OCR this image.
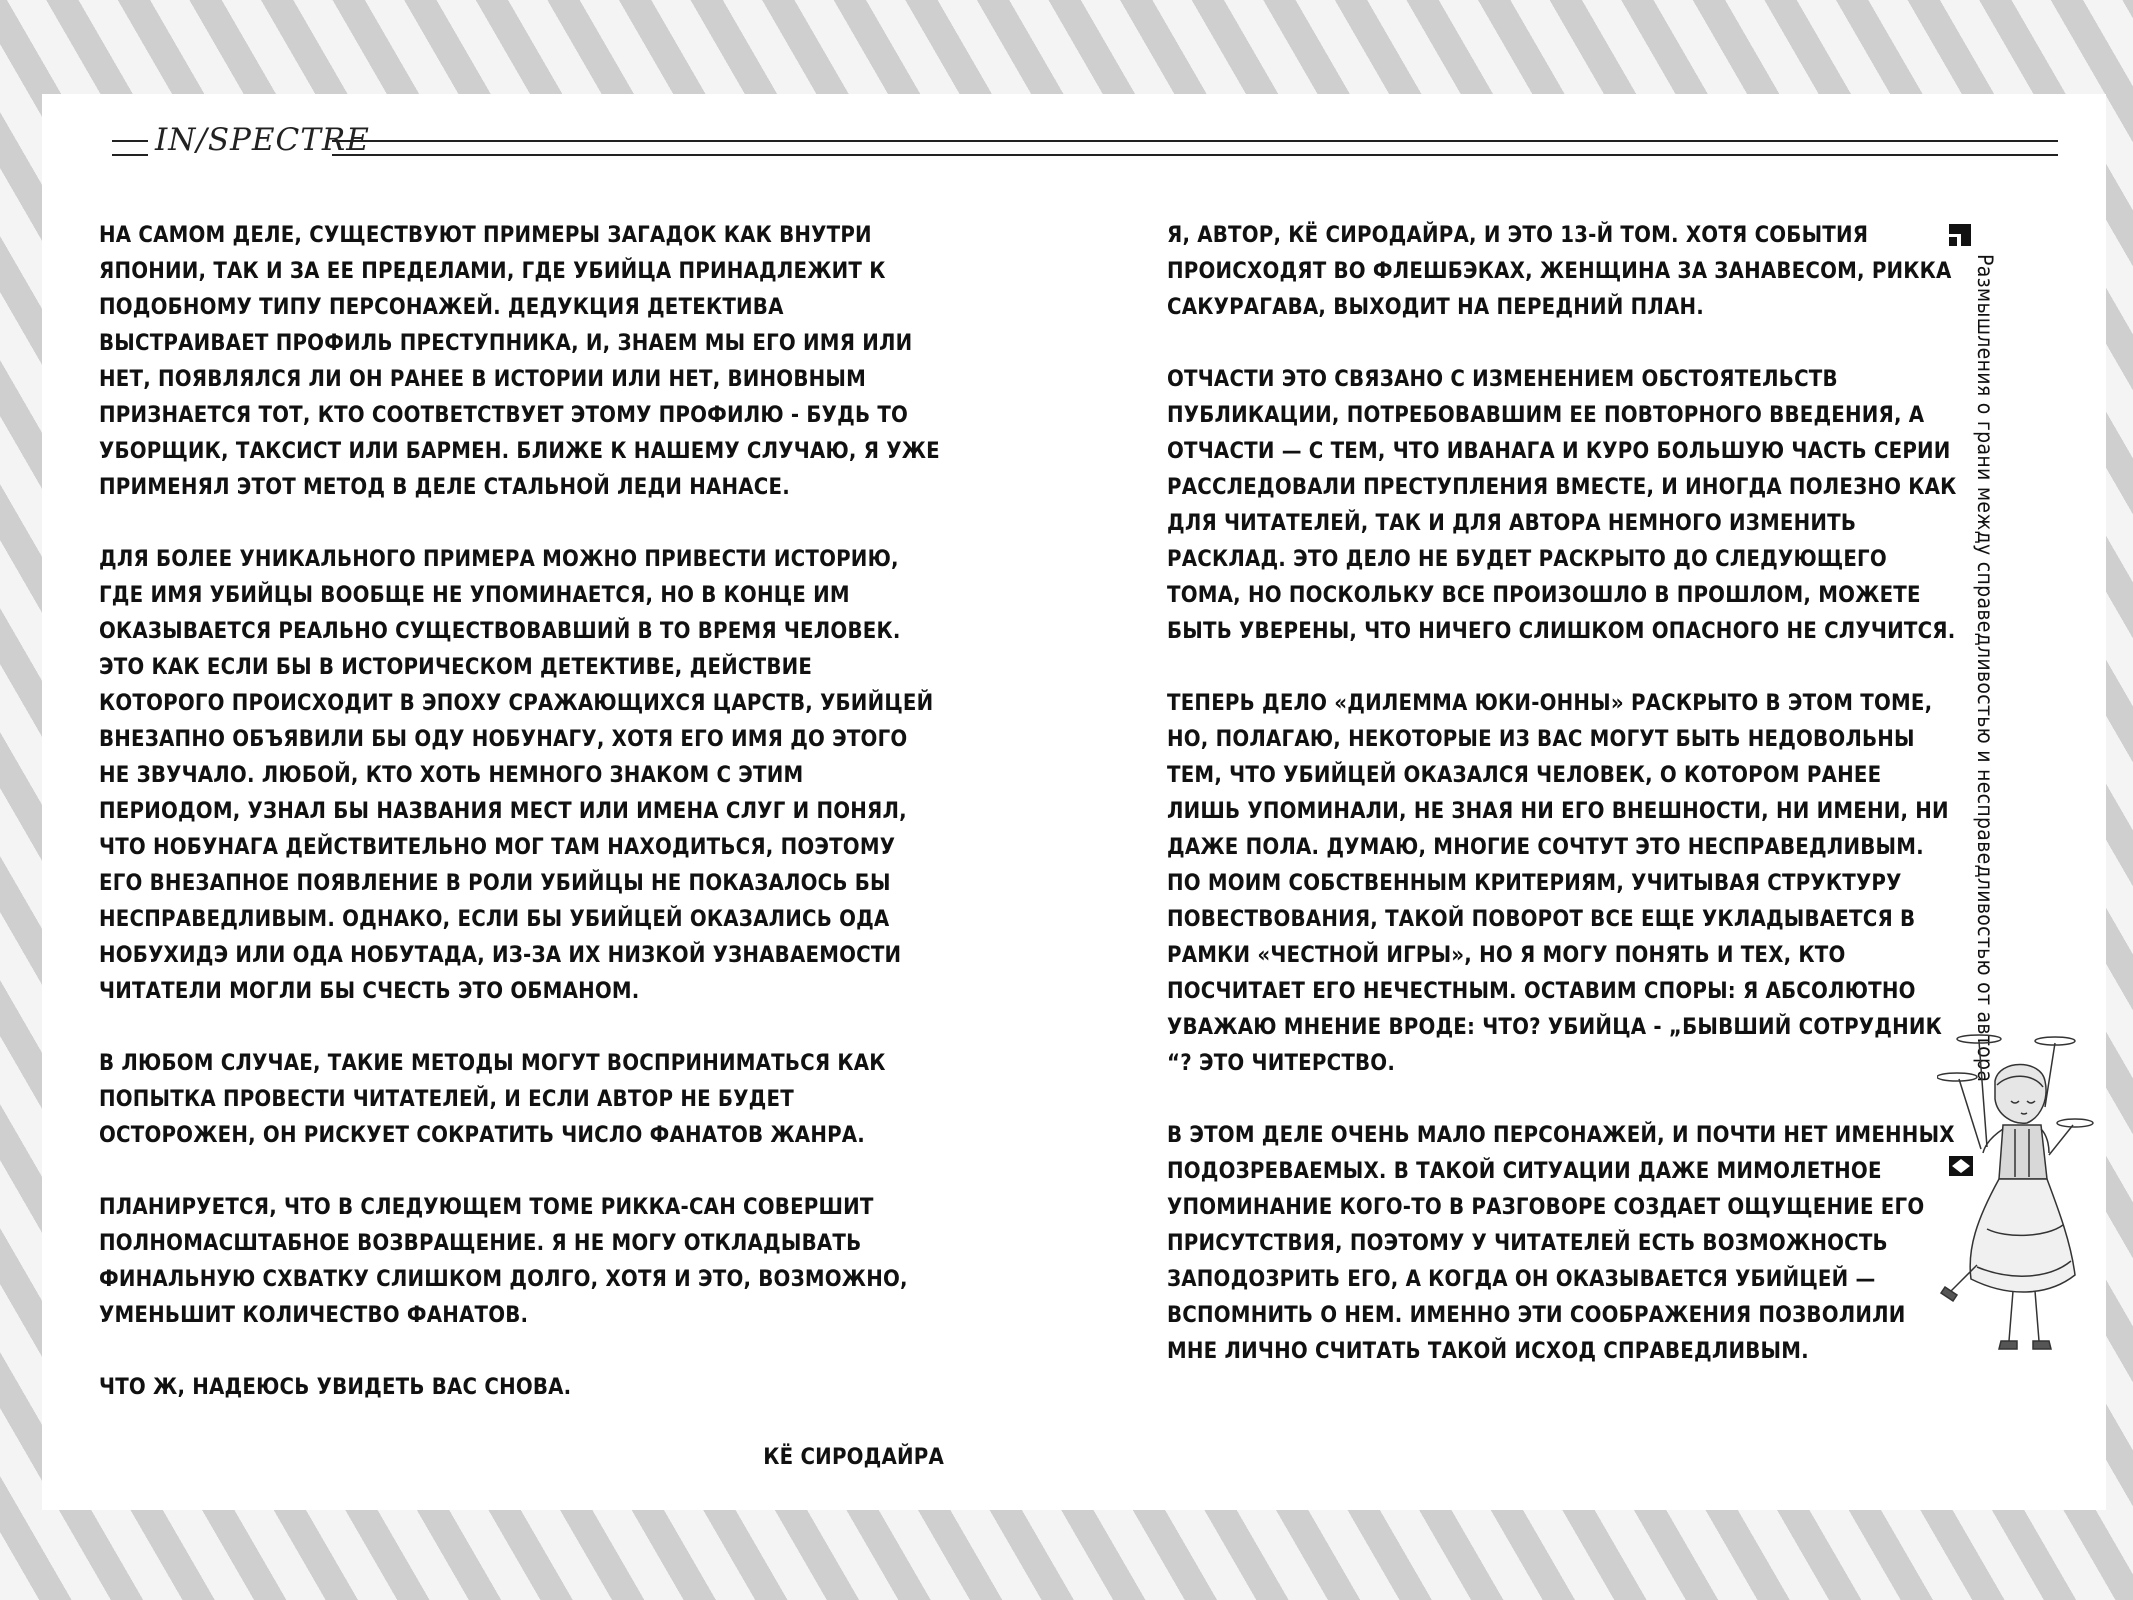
IN/SPECTRE

НА САМОМ ДЕЛЕ, СУЩЕСТВУЮТ ПРИМЕРЫ ЗАГАДОК КАК ВНУТРИ ЯПОНИИ, ТАК И ЗА ЕЕ ПРЕДЕЛАМИ, ГДЕ УБИЙЦА ПРИНАДЛЕЖИТ К ПОДОБНОМУ ТИПУ ПЕРСОНАЖЕЙ. ДЕДУКЦИЯ ДЕТЕКТИВА ВЫСТРАИВАЕТ ПРОФИЛЬ ПРЕСТУПНИКА, И, ЗНАЕМ МЫ ЕГО ИМЯ ИЛИ НЕТ, ПОЯВЛЯЛСЯ ЛИ ОН РАНЕЕ В ИСТОРИИ ИЛИ НЕТ, ВИНОВНЫМ ПРИЗНАЕТСЯ ТОТ, КТО СООТВЕТСТВУЕТ ЭТОМУ ПРОФИЛЮ - БУДЬ ТО УБОРЩИК, ТАКСИСТ ИЛИ БАРМЕН. БЛИЖЕ К НАШЕМУ СЛУЧАЮ, Я УЖЕ ПРИМЕНЯЛ ЭТОТ МЕТОД В ДЕЛЕ СТАЛЬНОЙ ЛЕДИ НАНАСЕ.

ДЛЯ БОЛЕЕ УНИКАЛЬНОГО ПРИМЕРА МОЖНО ПРИВЕСТИ ИСТОРИЮ, ГДЕ ИМЯ УБИЙЦЫ ВООБЩЕ НЕ УПОМИНАЕТСЯ, НО В КОНЦЕ ИМ ОКАЗЫВАЕТСЯ РЕАЛЬНО СУЩЕСТВОВАВШИЙ В ТО ВРЕМЯ ЧЕЛОВЕК. ЭТО КАК ЕСЛИ БЫ В ИСТОРИЧЕСКОМ ДЕТЕКТИВЕ, ДЕЙСТВИЕ КОТОРОГО ПРОИСХОДИТ В ЭПОХУ СРАЖАЮЩИХСЯ ЦАРСТВ, УБИЙЦЕЙ ВНЕЗАПНО ОБЪЯВИЛИ БЫ ОДУ НОБУНАГУ, ХОТЯ ЕГО ИМЯ ДО ЭТОГО НЕ ЗВУЧАЛО. ЛЮБОЙ, КТО ХОТЬ НЕМНОГО ЗНАКОМ С ЭТИМ ПЕРИОДОМ, УЗНАЛ БЫ НАЗВАНИЯ МЕСТ ИЛИ ИМЕНА СЛУГ И ПОНЯЛ, ЧТО НОБУНАГА ДЕЙСТВИТЕЛЬНО МОГ ТАМ НАХОДИТЬСЯ, ПОЭТОМУ ЕГО ВНЕЗАПНОЕ ПОЯВЛЕНИЕ В РОЛИ УБИЙЦЫ НЕ ПОКАЗАЛОСЬ БЫ НЕСПРАВЕДЛИВЫМ. ОДНАКО, ЕСЛИ БЫ УБИЙЦЕЙ ОКАЗАЛИСЬ ОДА НОБУХИДЭ ИЛИ ОДА НОБУТАДА, ИЗ-ЗА ИХ НИЗКОЙ УЗНАВАЕМОСТИ ЧИТАТЕЛИ МОГЛИ БЫ СЧЕСТЬ ЭТО ОБМАНОМ.

В ЛЮБОМ СЛУЧАЕ, ТАКИЕ МЕТОДЫ МОГУТ ВОСПРИНИМАТЬСЯ КАК ПОПЫТКА ПРОВЕСТИ ЧИТАТЕЛЕЙ, И ЕСЛИ АВТОР НЕ БУДЕТ ОСТОРОЖЕН, ОН РИСКУЕТ СОКРАТИТЬ ЧИСЛО ФАНАТОВ ЖАНРА.

ПЛАНИРУЕТСЯ, ЧТО В СЛЕДУЮЩЕМ ТОМЕ РИККА-САН СОВЕРШИТ ПОЛНОМАСШТАБНОЕ ВОЗВРАЩЕНИЕ. Я НЕ МОГУ ОТКЛАДЫВАТЬ ФИНАЛЬНУЮ СХВАТКУ СЛИШКОМ ДОЛГО, ХОТЯ И ЭТО, ВОЗМОЖНО, УМЕНЬШИТ КОЛИЧЕСТВО ФАНАТОВ.

ЧТО Ж, НАДЕЮСЬ УВИДЕТЬ ВАС СНОВА.

КЁ СИРОДАЙРА

Я, АВТОР, КЁ СИРОДАЙРА, И ЭТО 13-Й ТОМ. ХОТЯ СОБЫТИЯ ПРОИСХОДЯТ ВО ФЛЕШБЭКАХ, ЖЕНЩИНА ЗА ЗАНАВЕСОМ, РИККА САКУРАГАВА, ВЫХОДИТ НА ПЕРЕДНИЙ ПЛАН.

ОТЧАСТИ ЭТО СВЯЗАНО С ИЗМЕНЕНИЕМ ОБСТОЯТЕЛЬСТВ ПУБЛИКАЦИИ, ПОТРЕБОВАВШИМ ЕЕ ПОВТОРНОГО ВВЕДЕНИЯ, А ОТЧАСТИ — С ТЕМ, ЧТО ИВАНАГА И КУРО БОЛЬШУЮ ЧАСТЬ СЕРИИ РАССЛЕДОВАЛИ ПРЕСТУПЛЕНИЯ ВМЕСТЕ, И ИНОГДА ПОЛЕЗНО КАК ДЛЯ ЧИТАТЕЛЕЙ, ТАК И ДЛЯ АВТОРА НЕМНОГО ИЗМЕНИТЬ РАСКЛАД. ЭТО ДЕЛО НЕ БУДЕТ РАСКРЫТО ДО СЛЕДУЮЩЕГО ТОМА, НО ПОСКОЛЬКУ ВСЕ ПРОИЗОШЛО В ПРОШЛОМ, МОЖЕТЕ БЫТЬ УВЕРЕНЫ, ЧТО НИЧЕГО СЛИШКОМ ОПАСНОГО НЕ СЛУЧИТСЯ.

ТЕПЕРЬ ДЕЛО «ДИЛЕММА ЮКИ-ОННЫ» РАСКРЫТО В ЭТОМ ТОМЕ, НО, ПОЛАГАЮ, НЕКОТОРЫЕ ИЗ ВАС МОГУТ БЫТЬ НЕДОВОЛЬНЫ ТЕМ, ЧТО УБИЙЦЕЙ ОКАЗАЛСЯ ЧЕЛОВЕК, О КОТОРОМ РАНЕЕ ЛИШЬ УПОМИНАЛИ, НЕ ЗНАЯ НИ ЕГО ВНЕШНОСТИ, НИ ИМЕНИ, НИ ДАЖЕ ПОЛА. ДУМАЮ, МНОГИЕ СОЧТУТ ЭТО НЕСПРАВЕДЛИВЫМ. ПО МОИМ СОБСТВЕННЫМ КРИТЕРИЯМ, УЧИТЫВАЯ СТРУКТУРУ ПОВЕСТВОВАНИЯ, ТАКОЙ ПОВОРОТ ВСЕ ЕЩЕ УКЛАДЫВАЕТСЯ В РАМКИ «ЧЕСТНОЙ ИГРЫ», НО Я МОГУ ПОНЯТЬ И ТЕХ, КТО ПОСЧИТАЕТ ЕГО НЕЧЕСТНЫМ. ОСТАВИМ СПОРЫ: Я АБСОЛЮТНО УВАЖАЮ МНЕНИЕ ВРОДЕ: ЧТО? УБИЙЦА - „БЫВШИЙ СОТРУДНИК “? ЭТО ЧИТЕРСТВО.

В ЭТОМ ДЕЛЕ ОЧЕНЬ МАЛО ПЕРСОНАЖЕЙ, И ПОЧТИ НЕТ ИМЕННЫХ ПОДОЗРЕВАЕМЫХ. В ТАКОЙ СИТУАЦИИ ДАЖЕ МИМОЛЕТНОЕ УПОМИНАНИЕ КОГО-ТО В РАЗГОВОРЕ СОЗДАЕТ ОЩУЩЕНИЕ ЕГО ПРИСУТСТВИЯ, ПОЭТОМУ У ЧИТАТЕЛЕЙ ЕСТЬ ВОЗМОЖНОСТЬ ЗАПОДОЗРИТЬ ЕГО, А КОГДА ОН ОКАЗЫВАЕТСЯ УБИЙЦЕЙ — ВСПОМНИТЬ О НЕМ. ИМЕННО ЭТИ СООБРАЖЕНИЯ ПОЗВОЛИЛИ МНЕ ЛИЧНО СЧИТАТЬ ТАКОЙ ИСХОД СПРАВЕДЛИВЫМ.

Размышления о грани между справедливостью и несправедливостью от автора
